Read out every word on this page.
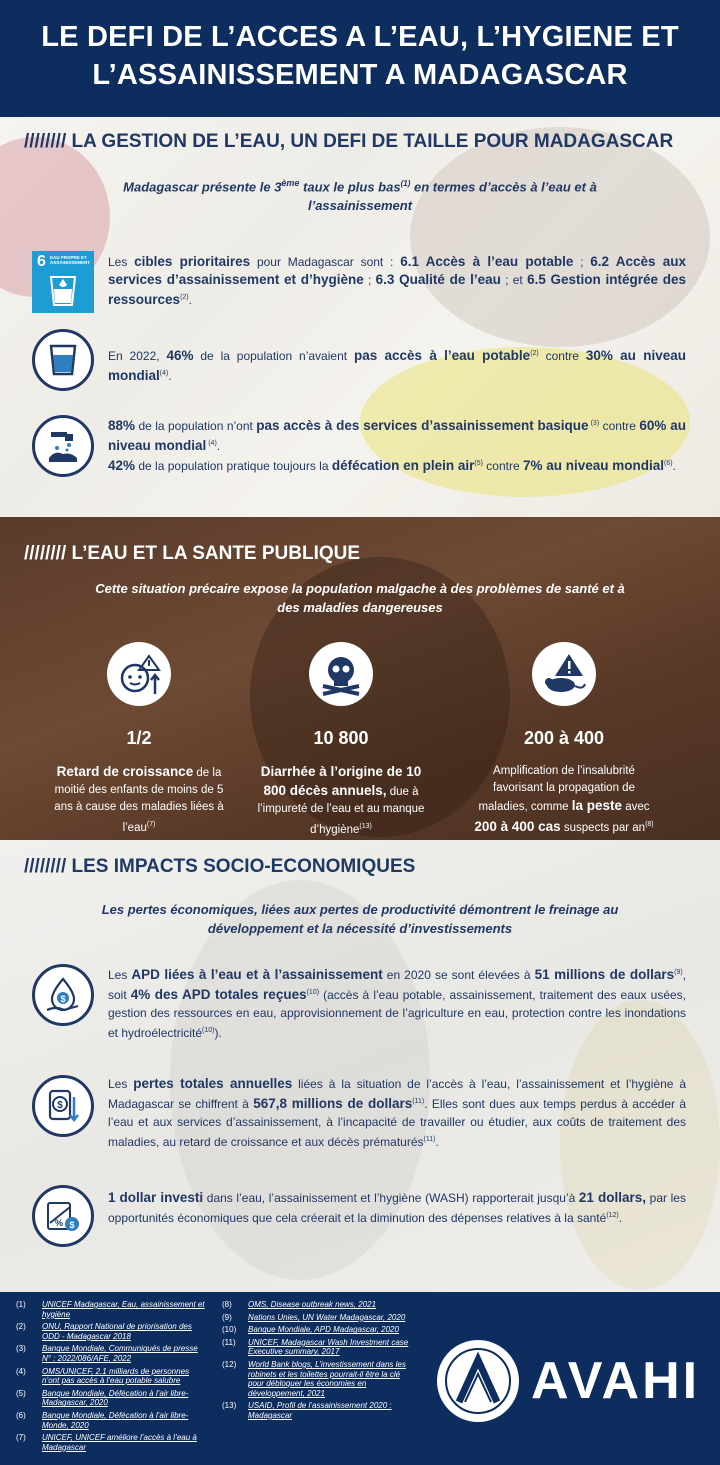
LE DEFI DE L’ACCES A L’EAU, L’HYGIENE ET
L’ASSAINISSEMENT A MADAGASCAR
//////// LA GESTION DE L’EAU, UN DEFI DE TAILLE POUR MADAGASCAR
Madagascar présente le 3ème taux le plus bas$^{(1)}$ en termes d’accès à l’eau et à l’assainissement
6 EAU PROPRE ET ASSAINISSEMENT Les cibles prioritaires pour Madagascar sont : 6.1 Accès à l’eau potable ; 6.2 Accès aux services d’assainissement et d’hygiène ; 6.3 Qualité de l’eau ; et 6.5 Gestion intégrée des ressources$^{(2)}$.
En 2022, 46% de la population n’avaient pas accès à l’eau potable$^{(2)}$ contre 30% au niveau mondial$^{(4)}$.
88% de la population n’ont pas accès à des services d’assainissement basique $^{(3)}$ contre 60% au niveau mondial $^{(4)}$.
42% de la population pratique toujours la défécation en plein air$^{(5)}$ contre 7% au niveau mondial$^{(6)}$.
//////// L’EAU ET LA SANTE PUBLIQUE
Cette situation précaire expose la population malgache à des problèmes de santé et à des maladies dangereuses
1/2
Retard de croissance de la moitié des enfants de moins de 5 ans à cause des maladies liées à l’eau$^{(7)}$
10 800
Diarrhée à l’origine de 10 800 décès annuels, due à l’impureté de l’eau et au manque d’hygiène$^{(13)}$
200 à 400
Amplification de l’insalubrité favorisant la propagation de maladies, comme la peste avec 200 à 400 cas suspects par $an^{(8)}$
//////// LES IMPACTS SOCIO-ECONOMIQUES
Les pertes économiques, liées aux pertes de productivité démontrent le freinage au développement et la nécessité d’investissements
$
Les APD liées à l’eau et à l’assainissement en 2020 se sont élevées à 51 millions de dollars$^{(9)}$, soit 4% des APD totales reçues$^{(10)}$ (accès à l’eau potable, assainissement, traitement des eaux usées, gestion des ressources en eau, approvisionnement de l’agriculture en eau, protection contre les inondations et hydroélectricité$^{(10)}$).
$
Les pertes totales annuelles liées à la situation de l’accès à l’eau, l’assainissement et l’hygiène à Madagascar se chiffrent à 567,8 millions de dollars$^{(11)}$. Elles sont dues aux temps perdus à accéder à l’eau et aux services d’assainissement, à l’incapacité de travailler ou étudier, aux coûts de traitement des maladies, au retard de croissance et aux décès prématurés$^{(11)}$.
% $
1 dollar investi dans l’eau, l’assainissement et l’hygiène (WASH) rapporterait jusqu’à 21 dollars, par les opportunités économiques que cela créerait et la diminution des dépenses relatives à la santé$^{(12)}$.
(1)	UNICEF Madagascar, Eau, assainissement et hygiène
(2)	ONU, Rapport National de priorisation des ODD - Madagascar 2018
(3)	Banque Mondiale, Communiqués de presse N° : 2022/086/AFE, 2022
(4)	OMS/UNICEF, 2,1 milliards de personnes n’ont pas accès à l’eau potable salubre
(5)	Banque Mondiale, Défécation à l’air libre- Madagascar, 2020
(6)	Banque Mondiale, Défécation à l’air libre- Monde, 2020
(7)	UNICEF, UNICEF améliore l’accès à l’eau à Madagascar
(8)	OMS, Disease outbreak news, 2021
(9)	Nations Unies, UN Water Madagascar, 2020
(10)	Banque Mondiale, APD Madagascar, 2020
(11)	UNICEF, Madagascar Wash Investment case Executive summary, 2017
(12)	World Bank blogs, L’investissement dans les robinets et les toilettes pourrait-il être la clé pour débloquer les économies en développement, 2021
(13)	USAID, Profil de l’assainissement 2020 : Madagascar
AVAHI
